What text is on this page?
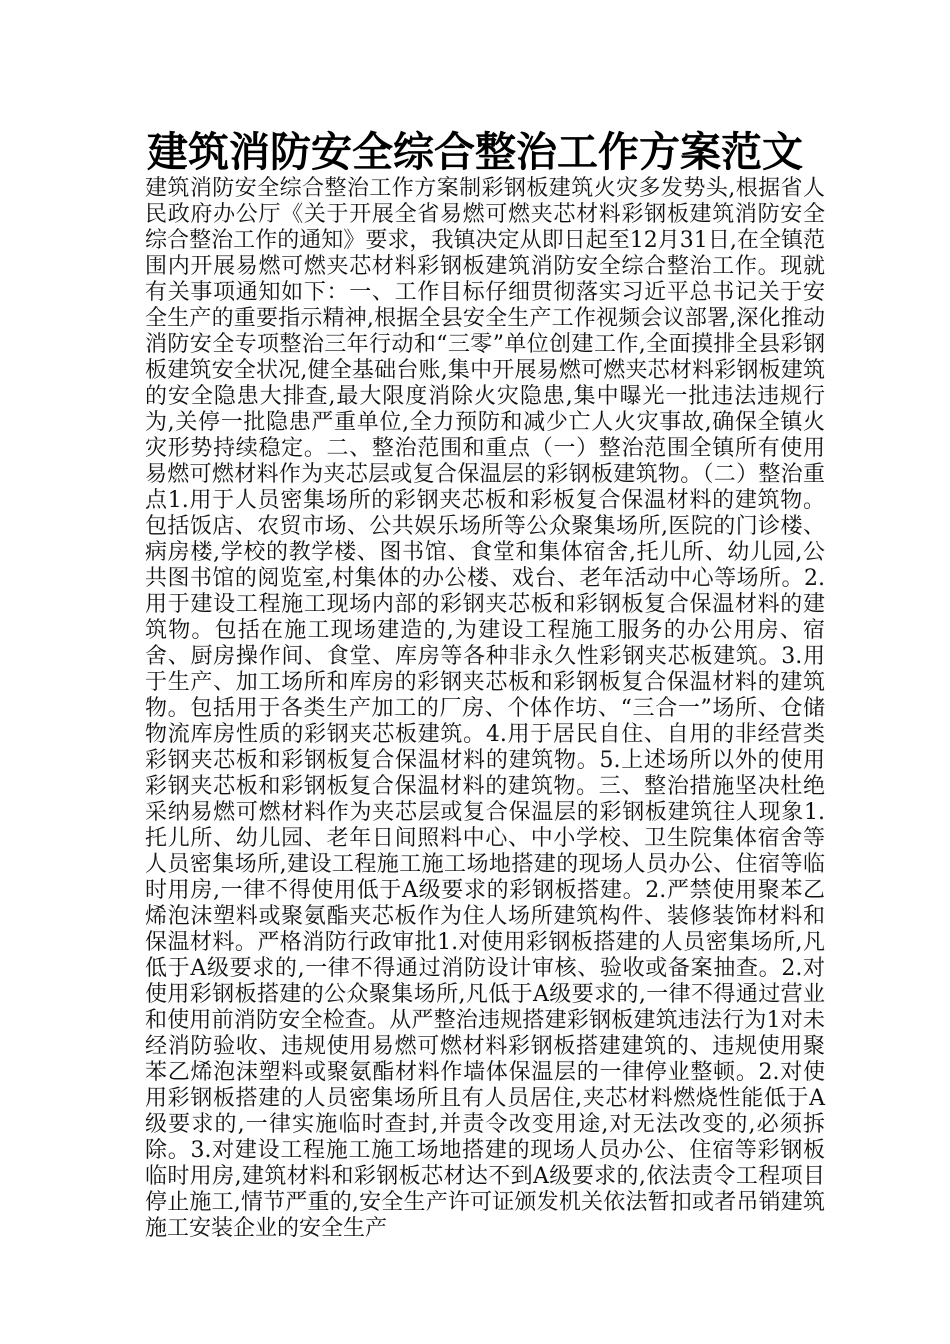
建筑消防安全综合整治工作方案范文

建筑消防安全综合整治工作方案制彩钢板建筑火灾多发势头,根据省人民政府办公厅《关于开展全省易燃可燃夹芯材料彩钢板建筑消防安全综合整治工作的通知》要求，我镇决定从即日起至12月31日,在全镇范围内开展易燃可燃夹芯材料彩钢板建筑消防安全综合整治工作。现就有关事项通知如下：一、工作目标仔细贯彻落实习近平总书记关于安全生产的重要指示精神,根据全县安全生产工作视频会议部署,深化推动消防安全专项整治三年行动和“三零”单位创建工作,全面摸排全县彩钢板建筑安全状况,健全基础台账,集中开展易燃可燃夹芯材料彩钢板建筑的安全隐患大排查,最大限度消除火灾隐患,集中曝光一批违法违规行为,关停一批隐患严重单位,全力预防和减少亡人火灾事故,确保全镇火灾形势持续稳定。二、整治范围和重点（一）整治范围全镇所有使用易燃可燃材料作为夹芯层或复合保温层的彩钢板建筑物。（二）整治重点1.用于人员密集场所的彩钢夹芯板和彩板复合保温材料的建筑物。包括饭店、农贸市场、公共娱乐场所等公众聚集场所,医院的门诊楼、病房楼,学校的教学楼、图书馆、食堂和集体宿舍,托儿所、幼儿园,公共图书馆的阅览室,村集体的办公楼、戏台、老年活动中心等场所。2.用于建设工程施工现场内部的彩钢夹芯板和彩钢板复合保温材料的建筑物。包括在施工现场建造的,为建设工程施工服务的办公用房、宿舍、厨房操作间、食堂、库房等各种非永久性彩钢夹芯板建筑。3.用于生产、加工场所和库房的彩钢夹芯板和彩钢板复合保温材料的建筑物。包括用于各类生产加工的厂房、个体作坊、“三合一”场所、仓储物流库房性质的彩钢夹芯板建筑。4.用于居民自住、自用的非经营类彩钢夹芯板和彩钢板复合保温材料的建筑物。5.上述场所以外的使用彩钢夹芯板和彩钢板复合保温材料的建筑物。三、整治措施坚决杜绝采纳易燃可燃材料作为夹芯层或复合保温层的彩钢板建筑往人现象1.托儿所、幼儿园、老年日间照料中心、中小学校、卫生院集体宿舍等人员密集场所,建设工程施工施工场地搭建的现场人员办公、住宿等临时用房,一律不得使用低于A级要求的彩钢板搭建。2.严禁使用聚苯乙烯泡沫塑料或聚氨酯夹芯板作为住人场所建筑构件、装修装饰材料和保温材料。严格消防行政审批1.对使用彩钢板搭建的人员密集场所,凡低于A级要求的,一律不得通过消防设计审核、验收或备案抽查。2.对使用彩钢板搭建的公众聚集场所,凡低于A级要求的,一律不得通过营业和使用前消防安全检查。从严整治违规搭建彩钢板建筑违法行为1对未经消防验收、违规使用易燃可燃材料彩钢板搭建建筑的、违规使用聚苯乙烯泡沫塑料或聚氨酯材料作墙体保温层的一律停业整顿。2.对使用彩钢板搭建的人员密集场所且有人员居住,夹芯材料燃烧性能低于A级要求的,一律实施临时查封,并责令改变用途,对无法改变的,必须拆除。3.对建设工程施工施工场地搭建的现场人员办公、住宿等彩钢板临时用房,建筑材料和彩钢板芯材达不到A级要求的,依法责令工程项目停止施工,情节严重的,安全生产许可证颁发机关依法暂扣或者吊销建筑施工安装企业的安全生产
